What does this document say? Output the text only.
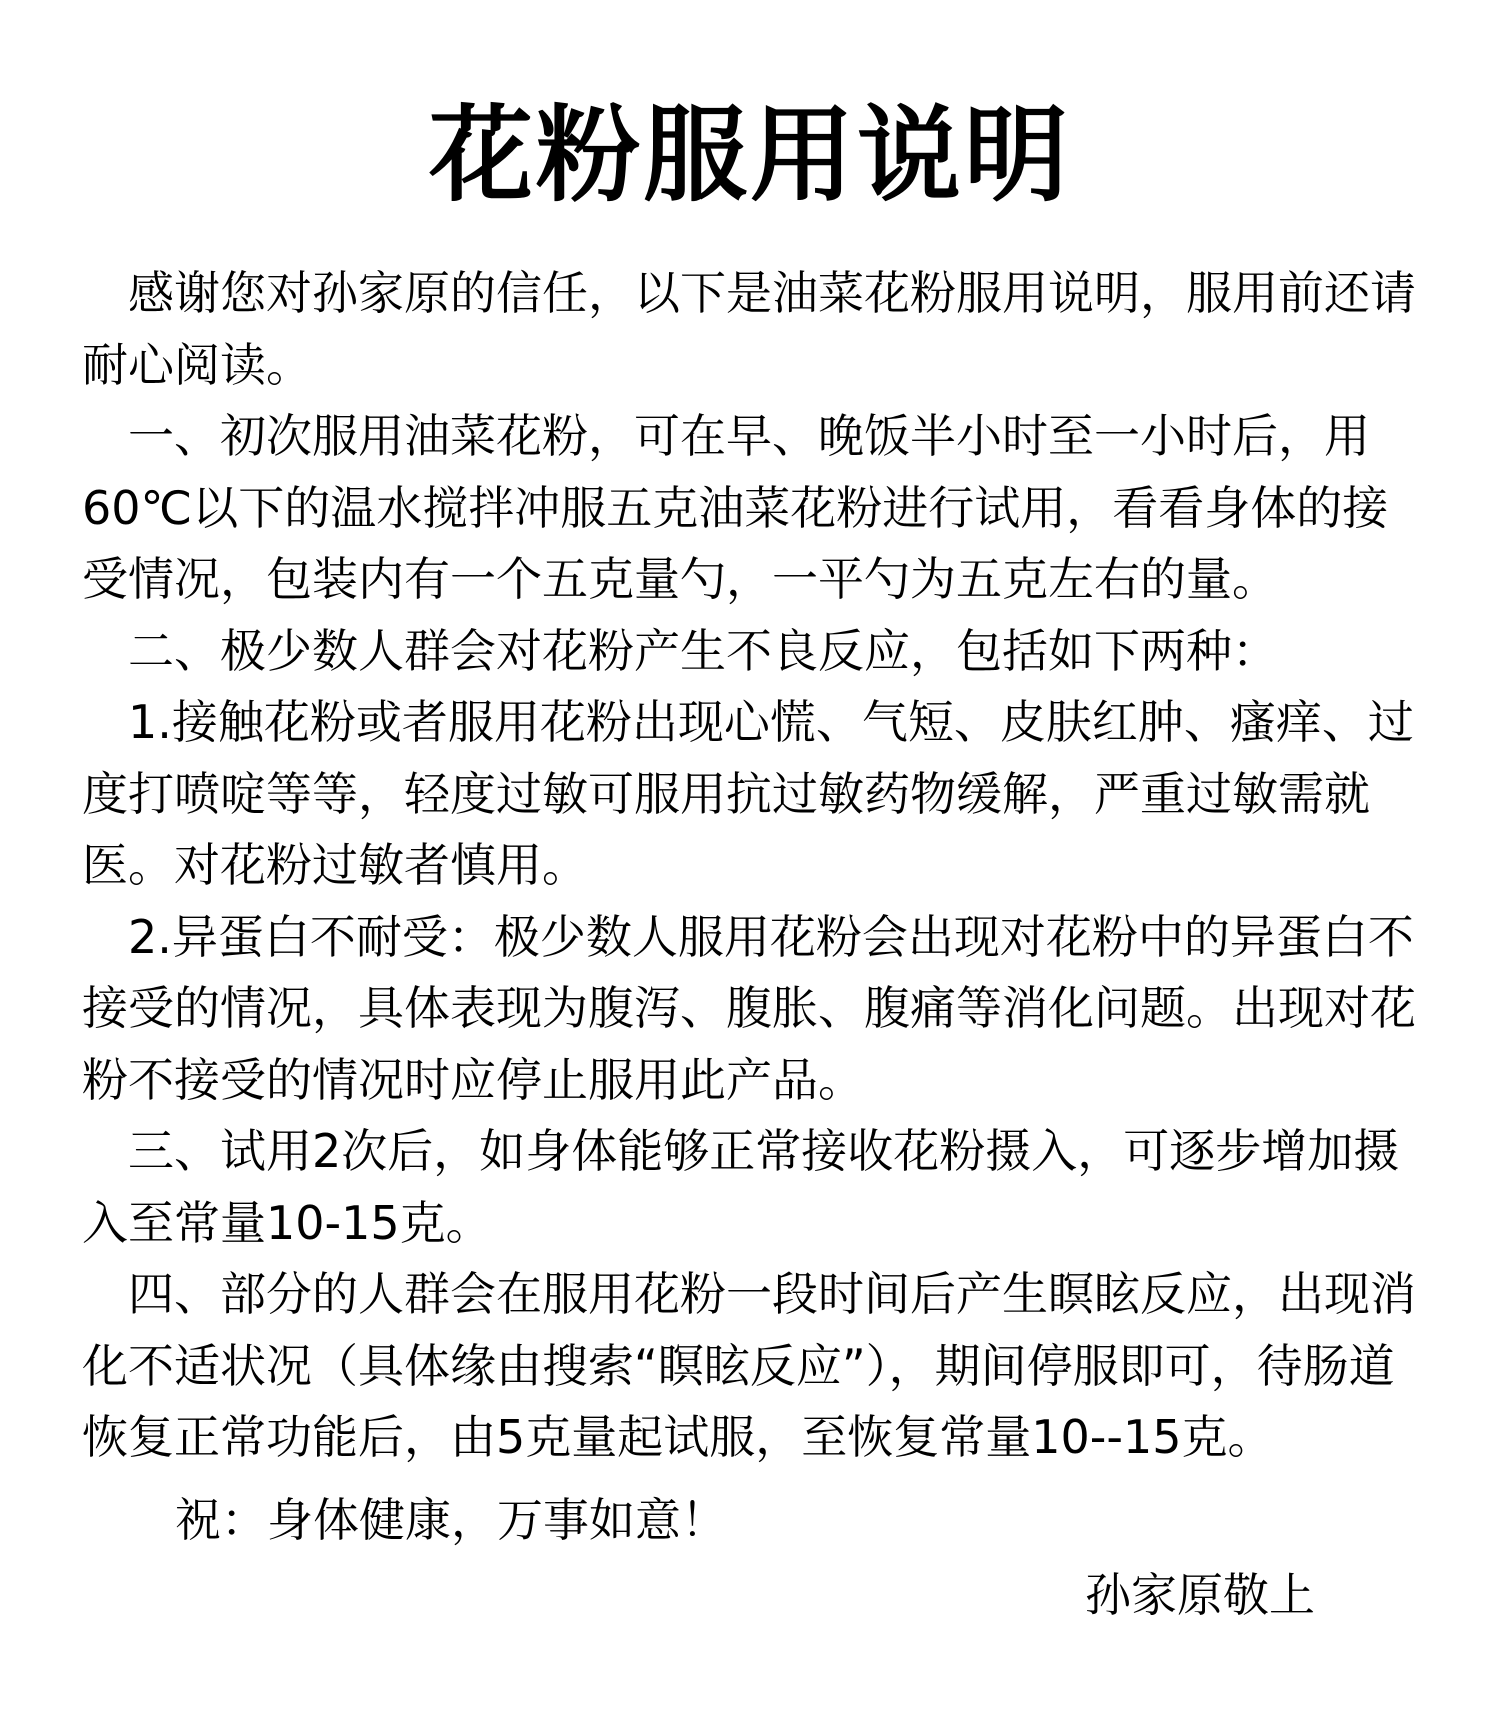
花粉服用说明

感谢您对孙家原的信任，以下是油菜花粉服用说明，服用前还请耐心阅读。

一、初次服用油菜花粉，可在早、晚饭半小时至一小时后，用60℃以下的温水搅拌冲服五克油菜花粉进行试用，看看身体的接受情况，包装内有一个五克量勺，一平勺为五克左右的量。

二、极少数人群会对花粉产生不良反应，包括如下两种：

1.接触花粉或者服用花粉出现心慌、气短、皮肤红肿、瘙痒、过度打喷啶等等，轻度过敏可服用抗过敏药物缓解，严重过敏需就医。对花粉过敏者慎用。

2.异蛋白不耐受：极少数人服用花粉会出现对花粉中的异蛋白不接受的情况，具体表现为腹泻、腹胀、腹痛等消化问题。出现对花粉不接受的情况时应停止服用此产品。

三、试用2次后，如身体能够正常接收花粉摄入，可逐步增加摄入至常量10-15克。

四、部分的人群会在服用花粉一段时间后产生瞑眩反应，出现消化不适状况（具体缘由搜索“瞑眩反应”），期间停服即可，待肠道恢复正常功能后，由5克量起试服，至恢复常量10--15克。

祝：身体健康，万事如意！
孙家原敬上
